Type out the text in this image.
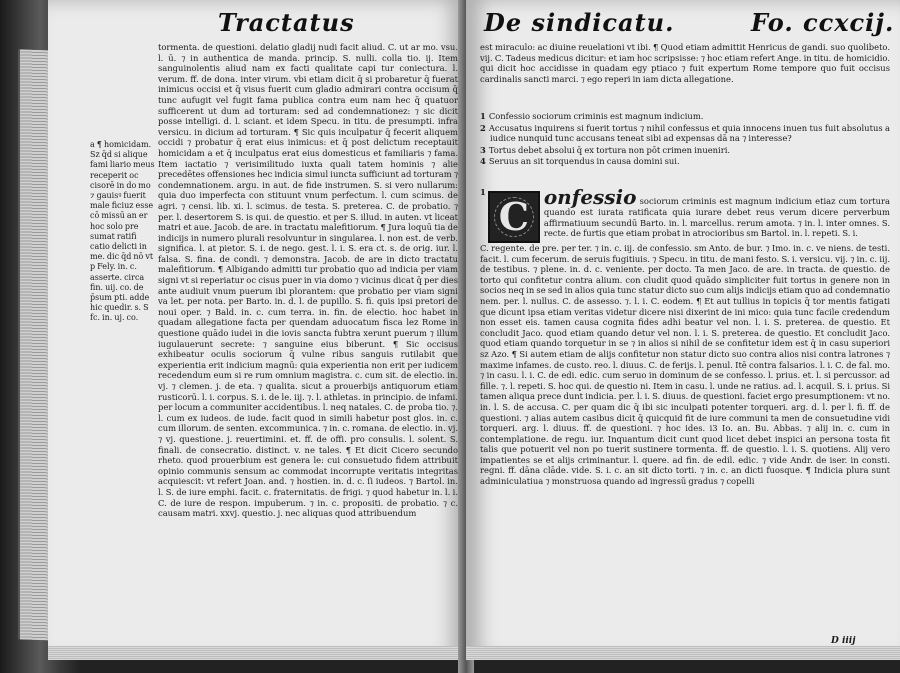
Tractatus
a ¶ homicidam. Sz q̄d si alique fami liario meus receperit oc cisorē in do mo ⁊ gauisꝰ fuerit male ficiuz esse cō missū an er hoc solo pre sumat ratifi catio delicti in me. dic q̄d nō vt p Fely. in. c. asserte. circa fin. uij. co. de p̄sum pti. adde hic quedir. s. S fc. in. uj. co.
tormenta. de questioni. delatio gladij nudi facit aliud. C. ut ar mo. vsu. l. ū. ⁊ in authentica de manda. princip. S. nulli. colla tio. ij. Item sanguinolentis aliud nam ex facti qualitate capi tur coniectura. l. verum. ff. de dona. inter virum. vbi etiam dicit q̄ si probaretur q̄ fuerat inimicus occisi et q̄ visus fuerit cum gladio admirari contra occisum q̄ tunc aufugit vel fugit fama publica contra eum nam hec q̄ quatuor sufficerent ut dum ad torturam: sed ad condemnationez: ⁊ sic dicit posse intelligi. d. l. sciant. et idem Specu. in titu. de presumpti. infra versicu. in dicium ad torturam. ¶ Sic quis inculpatur q̄ fecerit aliquem occidi ⁊ probatur q̄ erat eius inimicus: et q̄ post delictum receptauit homicidam a et q̄ inculpatus erat eius domesticus et familiaris ⁊ fama. Item iactatio ⁊ verisimilitudo iuxta quali tatem hominis ⁊ alie precedētes offensiones hec indicia simul iuncta sufficiunt ad torturam ⁊ condemnationem. argu. in aut. de fide instrumen. S. si vero nullarum: quia duo imperfecta con stituunt vnum perfectum. l. cum scimus. de agri. ⁊ censi. lib. xi. l. scimus. de testa. S. preterea. C. de probatio. ⁊ per. l. desertorem S. is qui. de questio. et per S. illud. in auten. vt liceat matri et aue. Jacob. de are. in tractatu malefitiorum. ¶ Jura loquū tia de indicijs in numero plurali resolvuntur in singularea. l. non est. de verb. significa. l. at pietor. S. i. de nego. gest. l. i. S. era ct. s. de orig. iur. l. falsa. S. fina. de condi. ⁊ demonstra. Jacob. de are in dicto tractatu malefitiorum. ¶ Albigando admitti tur probatio quo ad indicia per viam signi vt si reperiatur oc cisus puer in via domo ⁊ vicinus dicat q̄ per dies ante audiuit vnum puerum ibi plorantem: que probatio per viam signi va let. per nota. per Barto. in. d. l. de pupillo. S. fi. quis ipsi pretori de noui oper. ⁊ Bald. in. c. cum terra. in. fin. de electio. hoc habet in quadam allegatione facta per quendam aduocatum fisca lez Rome in questione quādo iudei in die iovis sancta fubtra xerunt puerum ⁊ illum iugulauerunt secrete: ⁊ sanguine eius biberunt. ¶ Sic occisus exhibeatur oculis sociorum q̄ vulne ribus sanguis rutilabit que experientia erit indicium magnū: quia experientia non erit per iudicem recedendum eum si re rum omnium magistra. c. cum sit. de electio. in. vj. ⁊ clemen. j. de eta. ⁊ qualita. sicut a prouerbijs antiquorum etiam rusticorū. l. i. corpus. S. i. de le. iij. ⁊. l. athletas. in principio. de infami. per locum a communiter accidentibus. l. neq natales. C. de proba tio. ⁊. l. cum ex iudeos. de iude. facit quod in simili habetur post glos. in. c. cum illorum. de senten. excommunica. ⁊ in. c. romana. de electio. in. vj. ⁊ vj. questione. j. reuertimini. et. ff. de offi. pro consulis. l. solent. S. finali. de consecratio. distinct. v. ne tales. ¶ Et dicit Cicero secundo rheto. quod prouerbium est genera le: cui consuetudo fidem attribuit opinio communis sensum ac commodat incorrupte veritatis integritas acquiescit: vt refert Joan. and. ⁊ hostien. in. d. c. ſi iudeos. ⁊ Bartol. in. l. S. de iure emphi. facit. c. fraternitatis. de frigi. ⁊ quod habetur in. l. i. C. de iure de respon. impuberum. ⁊ in. c. propositi. de probatio. ⁊ c. causam matri. xxvj. questio. j. nec aliquas quod attribuendum
De sindicatu.	Fo. ccxcij.
est miraculo: ac diuine reuelationi vt ibi. ¶ Quod etiam admittit Henricus de gandi. suo quolibeto. vij. C. Tadeus medicus dicitur: et iam hoc scripsisse: ⁊ hoc etiam refert Ange. in titu. de homicidio. qui dicit hoc accidisse in quadam egy ptiaco ⁊ fuit expertum Rome tempore quo fuit occisus cardinalis sancti marci. ⁊ ego reperi in iam dicta allegatione.

1 Confessio sociorum criminis est magnum indicium.

2 Accusatus inquirens si fuerit tortus ⁊ nihil confessus et quia innocens inuen tus fuit absolutus a iudice nunquid tunc accusans teneat sibi ad expensas dā na ⁊ interesse?

3 Tortus debet absolui q̄ ex tortura non pōt crimen inueniri.

4 Seruus an sit torquendus in causa domini sui.

1
C onfessio sociorum criminis est magnum indicium etiaz cum tortura quando est iurata ratificata quia iurare debet reus verum dicere perverbum affirmatiuum secundū Barto. in. l. marcellus. rerum amota. ⁊ in. l. inter omnes. S. recte. de furtis que etiam probat in atrocioribus sm Bartol. in. l. repeti. S. i.

C. regente. de pre. per ter. ⁊ in. c. iij. de confessio. sm Anto. de bur. ⁊ Imo. in. c. ve niens. de testi. facit. l. cum fecerum. de seruis fugitiuis. ⁊ Specu. in titu. de mani festo. S. i. versicu. vij. ⁊ in. c. iij. de testibus. ⁊ plene. in. d. c. veniente. per docto. Ta men Jaco. de are. in tracta. de questio. de torto qui confitetur contra alium. con cludit quod quādo simpliciter fuit tortus in genere non in socios neq in se sed in alios quia tunc statur dicto suo cum alijs indicijs etiam quo ad condemnatio nem. per. l. nullus. C. de assesso. ⁊. l. i. C. eodem. ¶ Et aut tullius in topicis q̄ tor mentis fatigati que dicunt ipsa etiam veritas videtur dicere nisi dixerint de ini mico: quia tunc facile credendum non esset eis. tamen causa cognita fides adhi beatur vel non. l. i. S. preterea. de questio. Et concludit Jaco. quod etiam quando detur vel non. l. i. S. preterea. de questio. Et concludit Jaco. quod etiam quando torquetur in se ⁊ in alios si nihil de se confitetur idem est q̄ in casu superiori sz Azo. ¶ Si autem etiam de alijs confitetur non statur dicto suo contra alios nisi contra latrones ⁊ maxime infames. de custo. reo. l. diuus. C. de ferijs. l. penul. Itē contra falsarios. l. i. C. de fal. mo. ⁊ in casu. l. i. C. de edi. edic. cum seruo in dominum de se confesso. l. prius. et. l. si percussor. ad fille. ⁊. l. repeti. S. hoc qui. de questio ni. Item in casu. l. unde ne ratius. ad. l. acquil. S. i. prius. Si tamen aliqua prece dunt indicia. per. l. i. S. diuus. de questioni. faciet ergo presumptionem: vt no. in. l. S. de accusa. C. per quam dic q̄ ibi sic inculpati potenter torqueri. arg. d. l. per l. fi. ff. de questioni. ⁊ alias autem casibus dicit q̄ quicquid fit de iure communi ta men de consuetudine vidi torqueri. arg. l. diuus. ff. de questioni. ⁊ hoc ides. i3 Io. an. Bu. Abbas. ⁊ alij in. c. cum in contemplatione. de regu. iur. Inquantum dicit cunt quod licet debet inspici an persona tosta fit talis que potuerit vel non po tuerit sustinere tormenta. ff. de questio. l. i. S. quotiens. Alij vero impatientes se et alijs criminantur. l. quere. ad fin. de edil. edic. ⁊ vide Andr. de iser. in consti. regni. ff. dāna clāde. vide. S. i. c. an sit dicto torti. ⁊ in. c. an dicti fuosque. ¶ Indicia plura sunt adminiculatiua ⁊ monstruosa quando ad ingressū gradus ⁊ copelli

D iiij
